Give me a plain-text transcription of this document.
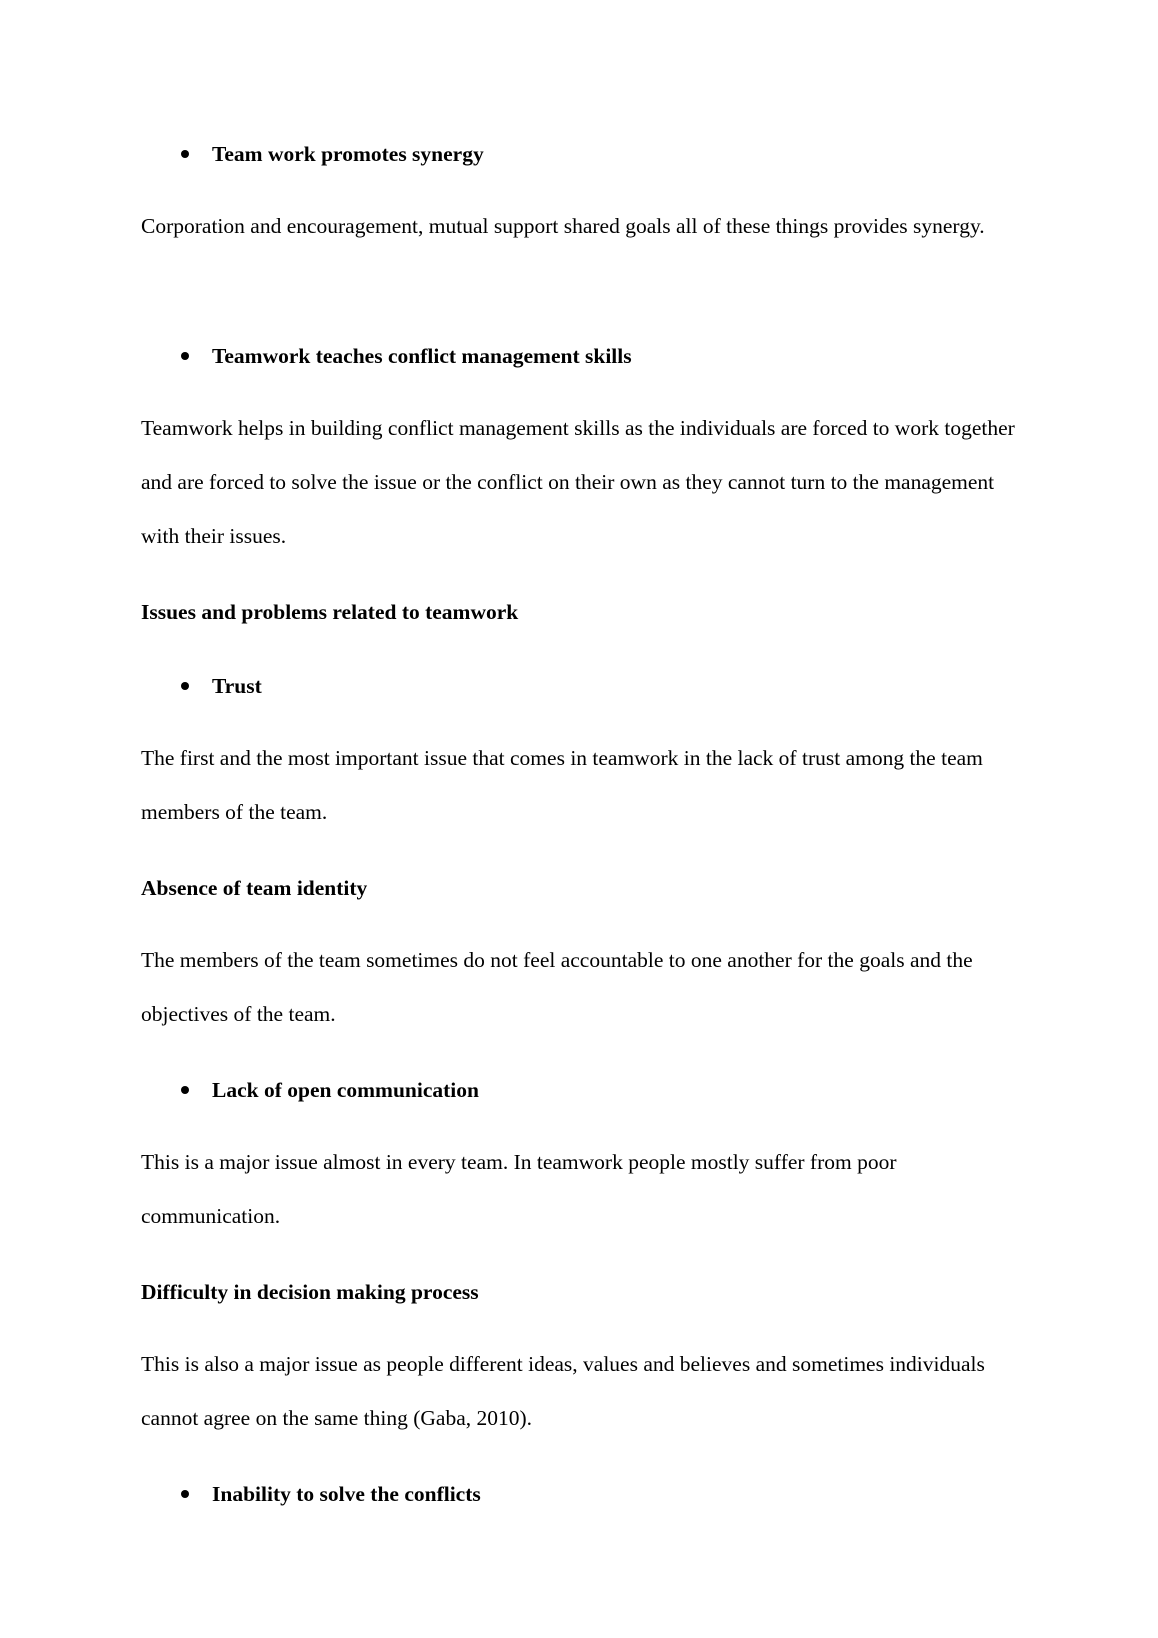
Team work promotes synergy

Corporation and encouragement, mutual support shared goals all of these things provides synergy.

Teamwork teaches conflict management skills

Teamwork helps in building conflict management skills as the individuals are forced to work together and are forced to solve the issue or the conflict on their own as they cannot turn to the management with their issues.

Issues and problems related to teamwork
Trust

The first and the most important issue that comes in teamwork in the lack of trust among the team members of the team.

Absence of team identity

The members of the team sometimes do not feel accountable to one another for the goals and the objectives of the team.

Lack of open communication

This is a major issue almost in every team. In teamwork people mostly suffer from poor communication.

Difficulty in decision making process

This is also a major issue as people different ideas, values and believes and sometimes individuals cannot agree on the same thing (Gaba, 2010).

Inability to solve the conflicts
